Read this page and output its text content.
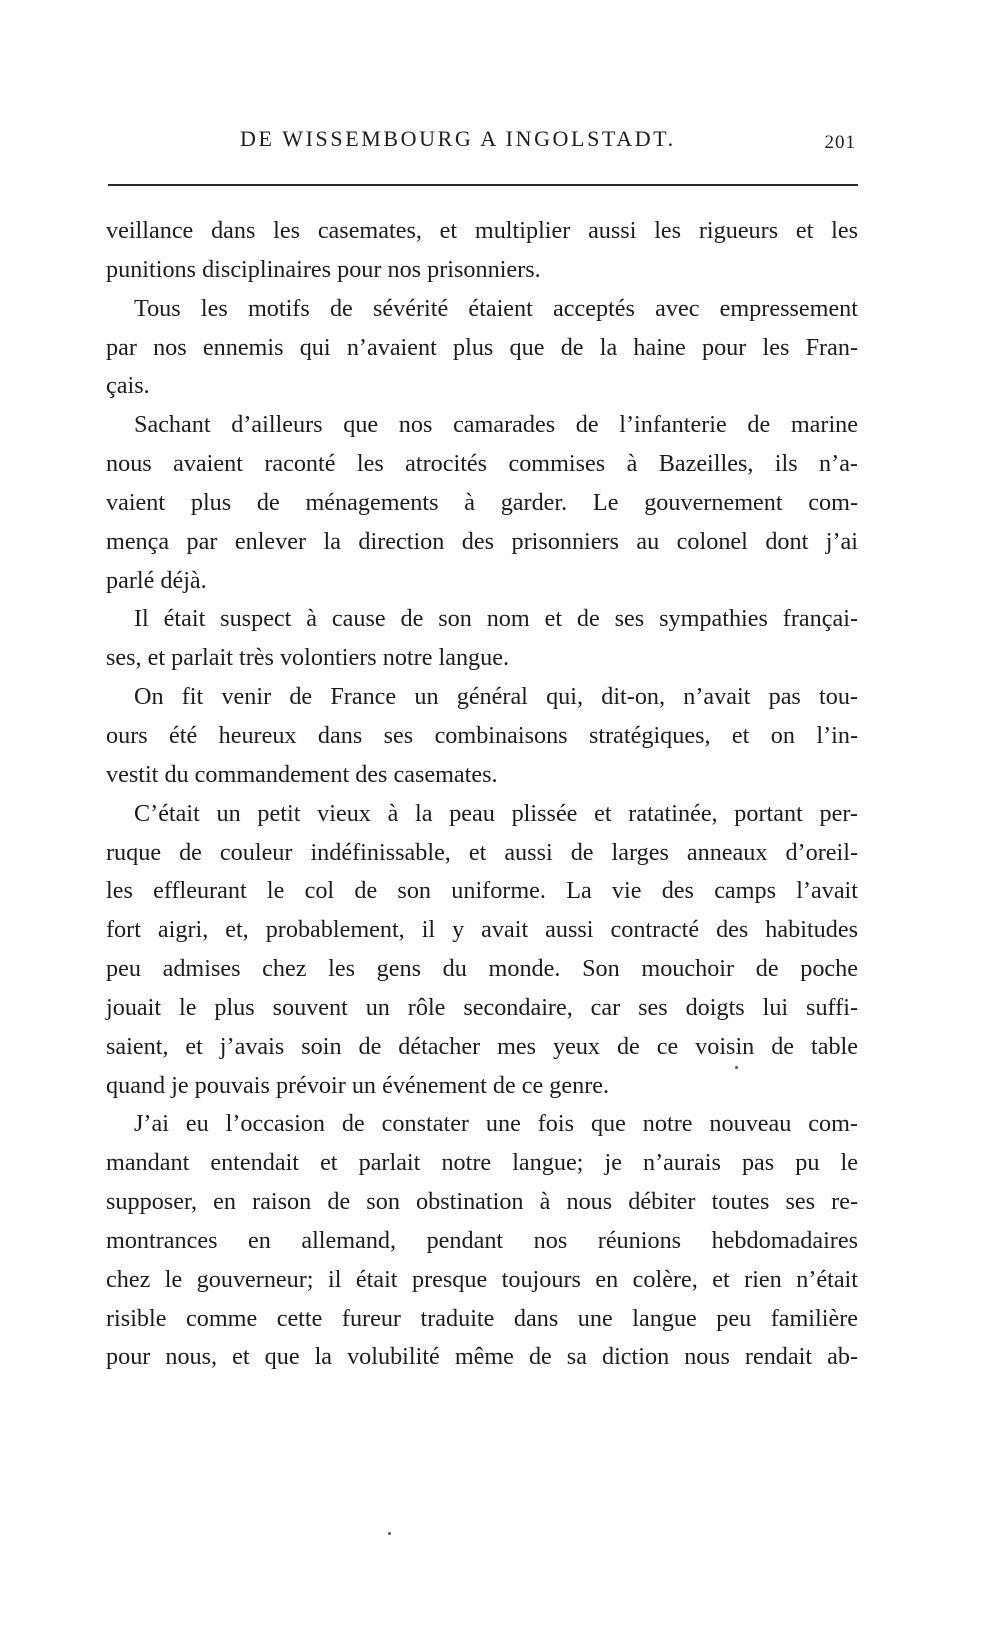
DE WISSEMBOURG A INGOLSTADT.	201
veillance dans les casemates, et multiplier aussi les rigueurs et les
punitions disciplinaires pour nos prisonniers.
Tous les motifs de sévérité étaient acceptés avec empressement
par nos ennemis qui n’avaient plus que de la haine pour les Fran-
çais.
Sachant d’ailleurs que nos camarades de l’infanterie de marine
nous avaient raconté les atrocités commises à Bazeilles, ils n’a-
vaient plus de ménagements à garder. Le gouvernement com-
mença par enlever la direction des prisonniers au colonel dont j’ai
parlé déjà.
Il était suspect à cause de son nom et de ses sympathies françai-
ses, et parlait très volontiers notre langue.
On fit venir de France un général qui, dit-on, n’avait pas tou-
ours été heureux dans ses combinaisons stratégiques, et on l’in-
vestit du commandement des casemates.
C’était un petit vieux à la peau plissée et ratatinée, portant per-
ruque de couleur indéfinissable, et aussi de larges anneaux d’oreil-
les effleurant le col de son uniforme. La vie des camps l’avait
fort aigri, et, probablement, il y avait aussi contracté des habitudes
peu admises chez les gens du monde. Son mouchoir de poche
jouait le plus souvent un rôle secondaire, car ses doigts lui suffi-
saient, et j’avais soin de détacher mes yeux de ce voisin de table
quand je pouvais prévoir un événement de ce genre.
J’ai eu l’occasion de constater une fois que notre nouveau com-
mandant entendait et parlait notre langue; je n’aurais pas pu le
supposer, en raison de son obstination à nous débiter toutes ses re-
montrances en allemand, pendant nos réunions hebdomadaires
chez le gouverneur; il était presque toujours en colère, et rien n’était
risible comme cette fureur traduite dans une langue peu familière
pour nous, et que la volubilité même de sa diction nous rendait ab-
